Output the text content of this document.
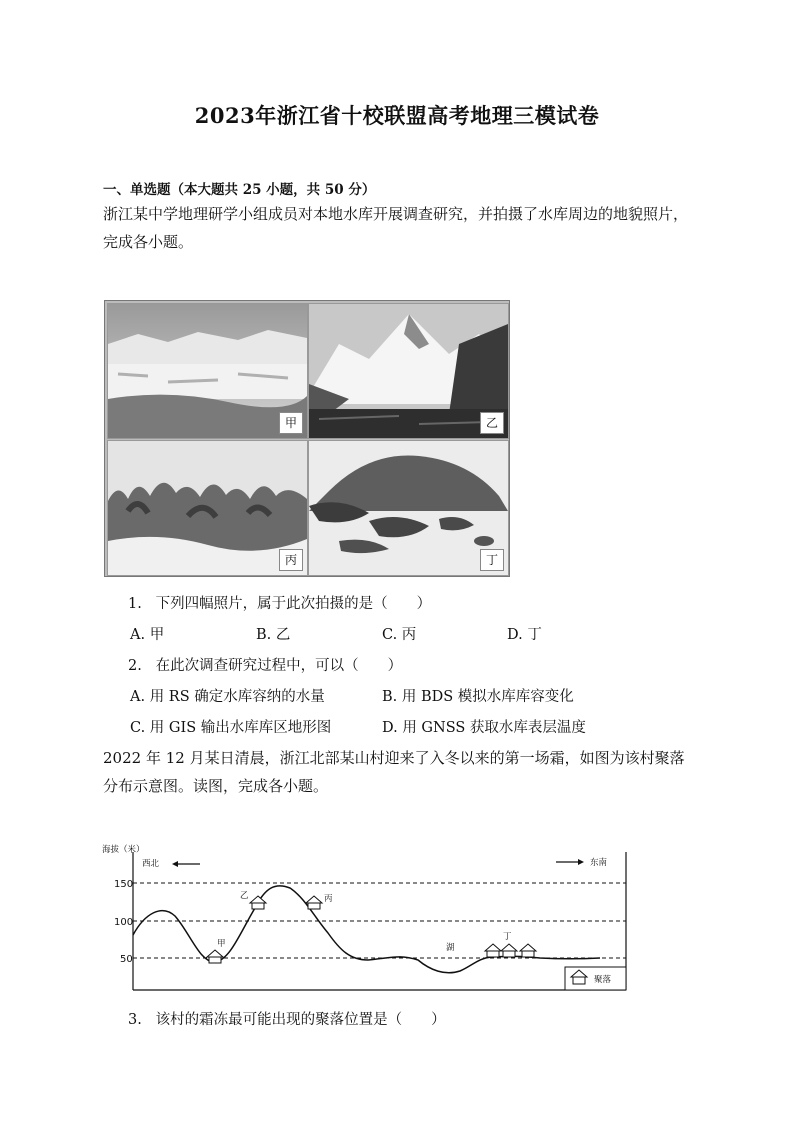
2023年浙江省十校联盟高考地理三模试卷
一、单选题（本大题共 25 小题，共 50 分）
浙江某中学地理研学小组成员对本地水库开展调查研究，并拍摄了水库周边的地貌照片，完成各小题。
甲	乙
丙	丁
1. 下列四幅照片，属于此次拍摄的是（　　）
A. 甲	B. 乙	C. 丙	D. 丁
2. 在此次调查研究过程中，可以（　　）
A. 用 RS 确定水库容纳的水量	B. 用 BDS 模拟水库库容变化
C. 用 GIS 输出水库库区地形图	D. 用 GNSS 获取水库表层温度
2022 年 12 月某日清晨，浙江北部某山村迎来了入冬以来的第一场霜，如图为该村聚落分布示意图。读图，完成各小题。
海拔（米）
西北	东南
150
100
50
甲
乙	丙
丁
湖
聚落
3. 该村的霜冻最可能出现的聚落位置是（　　）
